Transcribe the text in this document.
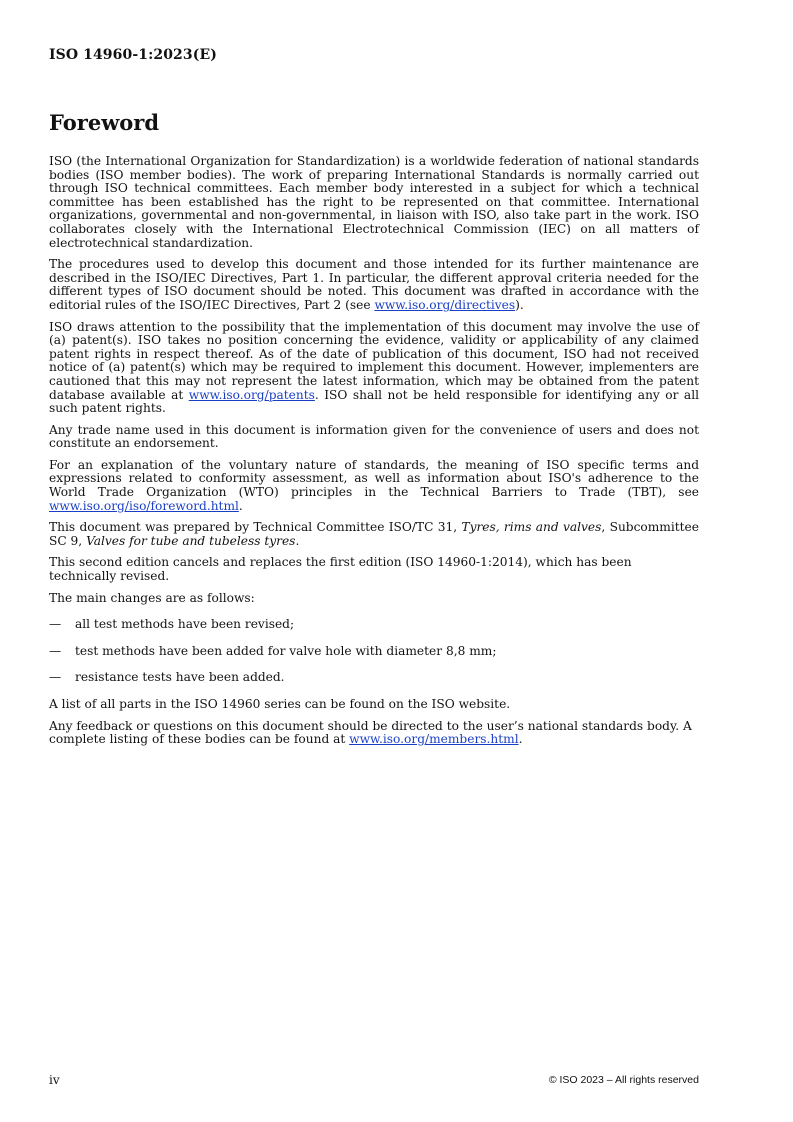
ISO 14960-1:2023(E)
Foreword

ISO (the International Organization for Standardization) is a worldwide federation of national standards bodies (ISO member bodies). The work of preparing International Standards is normally carried out through ISO technical committees. Each member body interested in a subject for which a technical committee has been established has the right to be represented on that committee. International organizations, governmental and non-governmental, in liaison with ISO, also take part in the work. ISO collaborates closely with the International Electrotechnical Commission (IEC) on all matters of electrotechnical standardization.

The procedures used to develop this document and those intended for its further maintenance are described in the ISO/IEC Directives, Part 1. In particular, the different approval criteria needed for the different types of ISO document should be noted. This document was drafted in accordance with the editorial rules of the ISO/IEC Directives, Part 2 (see www.iso.org/directives).

ISO draws attention to the possibility that the implementation of this document may involve the use of (a) patent(s). ISO takes no position concerning the evidence, validity or applicability of any claimed patent rights in respect thereof. As of the date of publication of this document, ISO had not received notice of (a) patent(s) which may be required to implement this document. However, implementers are cautioned that this may not represent the latest information, which may be obtained from the patent database available at www.iso.org/patents. ISO shall not be held responsible for identifying any or all such patent rights.

Any trade name used in this document is information given for the convenience of users and does not constitute an endorsement.

For an explanation of the voluntary nature of standards, the meaning of ISO specific terms and expressions related to conformity assessment, as well as information about ISO's adherence to the World Trade Organization (WTO) principles in the Technical Barriers to Trade (TBT), see www.iso.org/iso/foreword.html.

This document was prepared by Technical Committee ISO/TC 31, Tyres, rims and valves, Subcommittee SC 9, Valves for tube and tubeless tyres.

This second edition cancels and replaces the first edition (ISO 14960-1:2014), which has been technically revised.

The main changes are as follows:

—	all test methods have been revised;
—	test methods have been added for valve hole with diameter 8,8 mm;
—	resistance tests have been added.

A list of all parts in the ISO 14960 series can be found on the ISO website.

Any feedback or questions on this document should be directed to the user’s national standards body. A complete listing of these bodies can be found at www.iso.org/members.html.

iv	© ISO 2023 – All rights reserved
